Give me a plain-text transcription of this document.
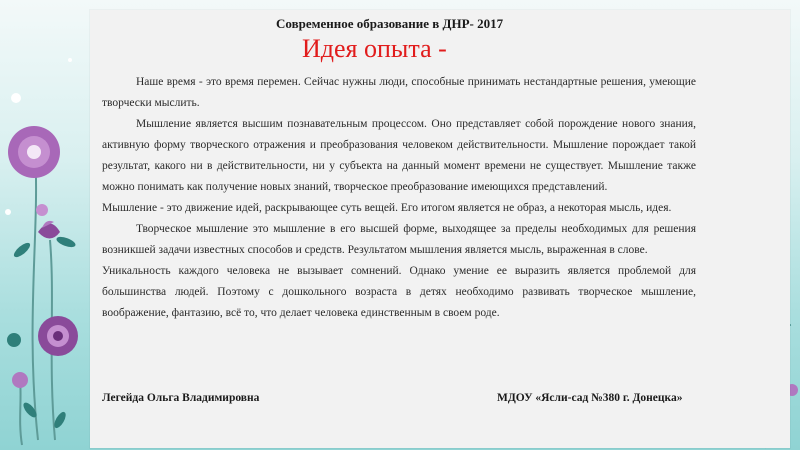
Современное образование в ДНР- 2017
Идея опыта -

Наше время - это время перемен. Сейчас нужны люди, способные принимать нестандартные решения, умеющие творчески мыслить.

Мышление является высшим познавательным процессом. Оно представляет собой порождение нового знания, активную форму творческого отражения и преобразования человеком действительности. Мышление порождает такой результат, какого ни в действительности, ни у субъекта на данный момент времени не существует. Мышление также можно понимать как получение новых знаний, творческое преобразование имеющихся представлений.

Мышление - это движение идей, раскрывающее суть вещей. Его итогом является не образ, а некоторая мысль, идея.

Творческое мышление это мышление в его высшей форме, выходящее за пределы необходимых для решения возникшей задачи известных способов и средств. Результатом мышления является мысль, выраженная в слове.

Уникальность каждого человека не вызывает сомнений. Однако умение ее выразить является проблемой для большинства людей. Поэтому с дошкольного возраста в детях необходимо развивать творческое мышление, воображение, фантазию, всё то, что делает человека единственным в своем роде.

Легейда Ольга Владимировна	МДОУ «Ясли-сад №380 г. Донецка»
